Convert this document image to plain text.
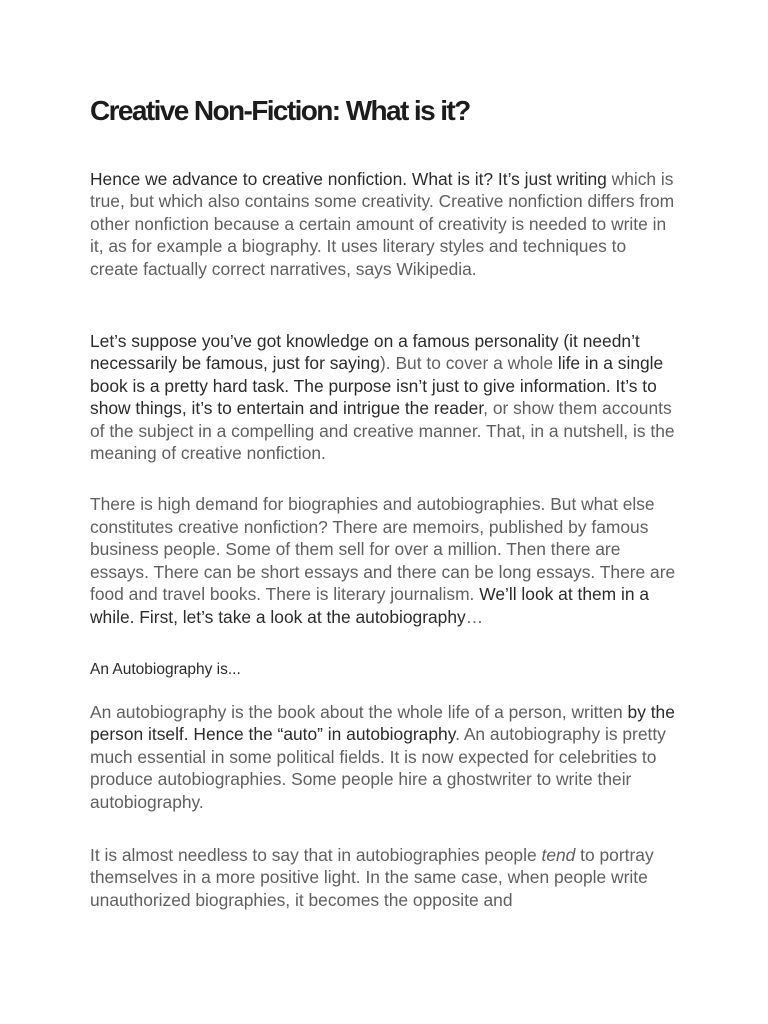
Creative Non-Fiction: What is it?

Hence we advance to creative nonfiction. What is it? It’s just writing which is true, but which also contains some creativity. Creative nonfiction differs from other nonfiction because a certain amount of creativity is needed to write in it, as for example a biography. It uses literary styles and techniques to create factually correct narratives, says Wikipedia.

Let’s suppose you’ve got knowledge on a famous personality (it needn’t necessarily be famous, just for saying). But to cover a whole life in a single book is a pretty hard task. The purpose isn’t just to give information. It’s to show things, it’s to entertain and intrigue the reader, or show them accounts of the subject in a compelling and creative manner. That, in a nutshell, is the meaning of creative nonfiction.

There is high demand for biographies and autobiographies. But what else constitutes creative nonfiction? There are memoirs, published by famous business people. Some of them sell for over a million. Then there are essays. There can be short essays and there can be long essays. There are food and travel books. There is literary journalism. We’ll look at them in a while. First, let’s take a look at the autobiography…

An Autobiography is...

An autobiography is the book about the whole life of a person, written by the person itself. Hence the “auto” in autobiography. An autobiography is pretty much essential in some political fields. It is now expected for celebrities to produce autobiographies. Some people hire a ghostwriter to write their autobiography.

It is almost needless to say that in autobiographies people tend to portray themselves in a more positive light. In the same case, when people write unauthorized biographies, it becomes the opposite and
